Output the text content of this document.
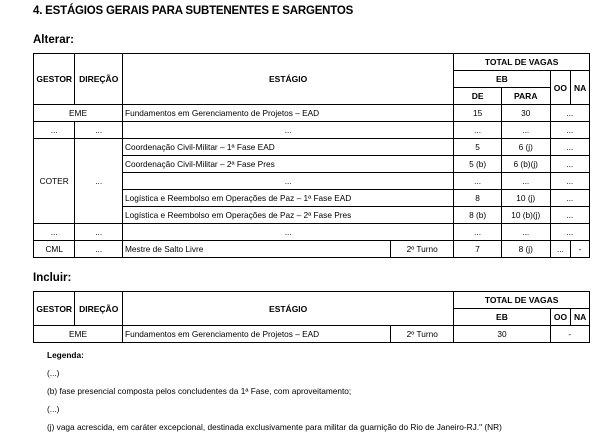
4. ESTÁGIOS GERAIS PARA SUBTENENTES E SARGENTOS
Alterar:
GESTOR	DIREÇÃO	ESTÁGIO		TOTAL DE VAGAS			
				EB		OO	NA
				DE	PARA		
EME		Fundamentos em Gerenciamento de Projetos – EAD		15	30	...	
...	...	...		...	...	...	
COTER	...	Coordenação Civil-Militar – 1ª Fase EAD		5	6 (j)	...	
		Coordenação Civil-Militar – 2ª Fase Pres		5 (b)	6 (b)(j)	...	
		...		...	...	...	
		Logística e Reembolso em Operações de Paz – 1ª Fase EAD		8	10 (j)	...	
		Logística e Reembolso em Operações de Paz – 2ª Fase Pres		8 (b)	10 (b)(j)	...	
...	...	...		...	...	...	
CML	...	Mestre de Salto Livre	2º Turno	7	8 (j)	...	-
Incluir:
GESTOR	DIREÇÃO	ESTÁGIO		TOTAL DE VAGAS		
				EB	OO	NA
EME		Fundamentos em Gerenciamento de Projetos – EAD	2º Turno	30	-	
Legenda:
(...)
(b) fase presencial composta pelos concludentes da 1ª Fase, com aproveitamento;
(...)
(j) vaga acrescida, em caráter excepcional, destinada exclusivamente para militar da guarnição do Rio de Janeiro-RJ." (NR)
